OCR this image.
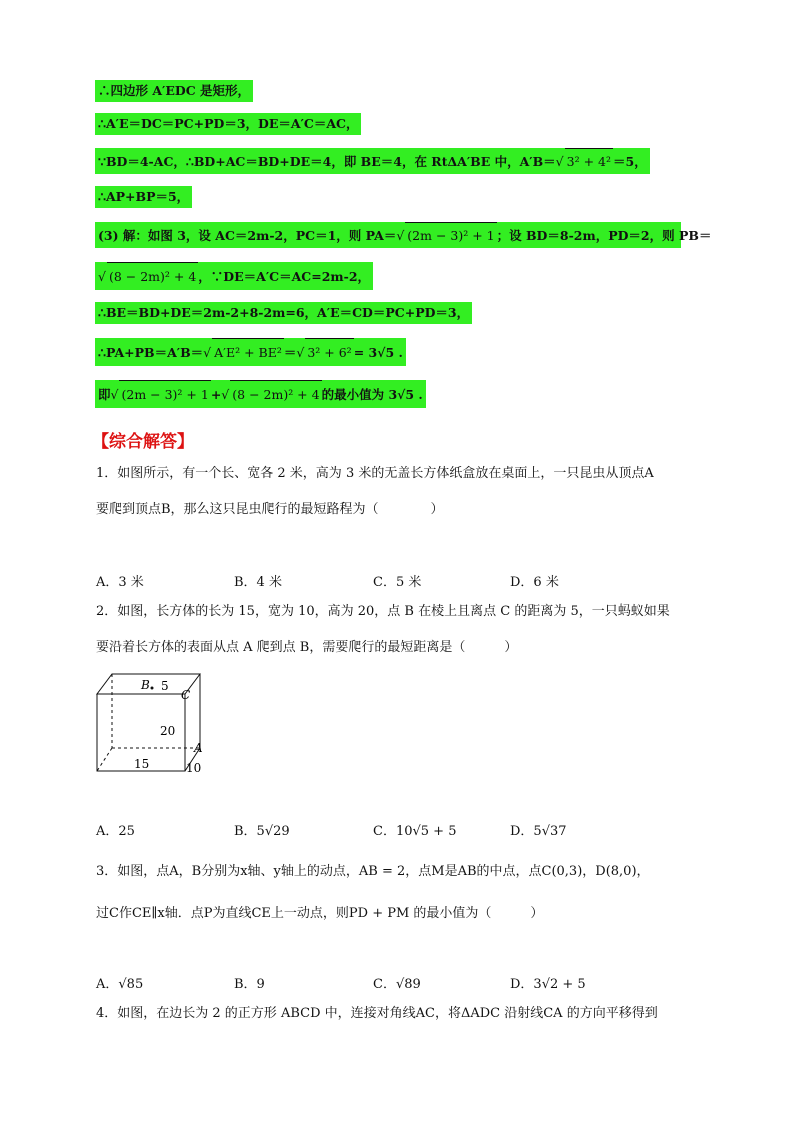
∴四边形 A′EDC 是矩形，
∴A′E＝DC＝PC+PD＝3，DE＝A′C＝AC，
∵BD＝4-AC，∴BD+AC＝BD+DE＝4，即 BE＝4，在 RtΔA′BE 中，A′B＝√ 3² + 4² ＝5，
∴AP+BP＝5，
(3) 解：如图 3，设 AC＝2m-2，PC＝1，则 PA＝√ (2m − 3)² + 1 ；设 BD＝8-2m，PD＝2，则 PB＝
√ (8 − 2m)² + 4 ，∵DE＝A′C＝AC=2m-2，
∴BE＝BD+DE＝2m-2+8-2m=6，A′E＝CD＝PC+PD＝3，
∴PA+PB＝A′B＝√ A′E² + BE² ＝√ 3² + 6² = 3√5 .
即√ (2m − 3)² + 1 +√ (8 − 2m)² + 4 的最小值为 3√5 .
【综合解答】
1．如图所示，有一个长、宽各 2 米，高为 3 米的无盖长方体纸盒放在桌面上，一只昆虫从顶点A
要爬到顶点B，那么这只昆虫爬行的最短路程为（　　　　）
A．3 米	B．4 米	C．5 米	D．6 米
2．如图，长方体的长为 15，宽为 10，高为 20，点 B 在棱上且离点 C 的距离为 5，一只蚂蚁如果
要沿着长方体的表面从点 A 爬到点 B，需要爬行的最短距离是（　　　）
B 5
C
20
A
15	10
A．25	B．5√29	C．10√5 + 5	D．5√37
3．如图，点A，B分别为x轴、y轴上的动点，AB = 2，点M是AB的中点，点C(0,3)，D(8,0)，
过C作CE∥x轴．点P为直线CE上一动点，则PD + PM 的最小值为（　　　）
A．√85	B．9	C．√89	D．3√2 + 5
4．如图，在边长为 2 的正方形 ABCD 中，连接对角线AC，将ΔADC 沿射线CA 的方向平移得到
